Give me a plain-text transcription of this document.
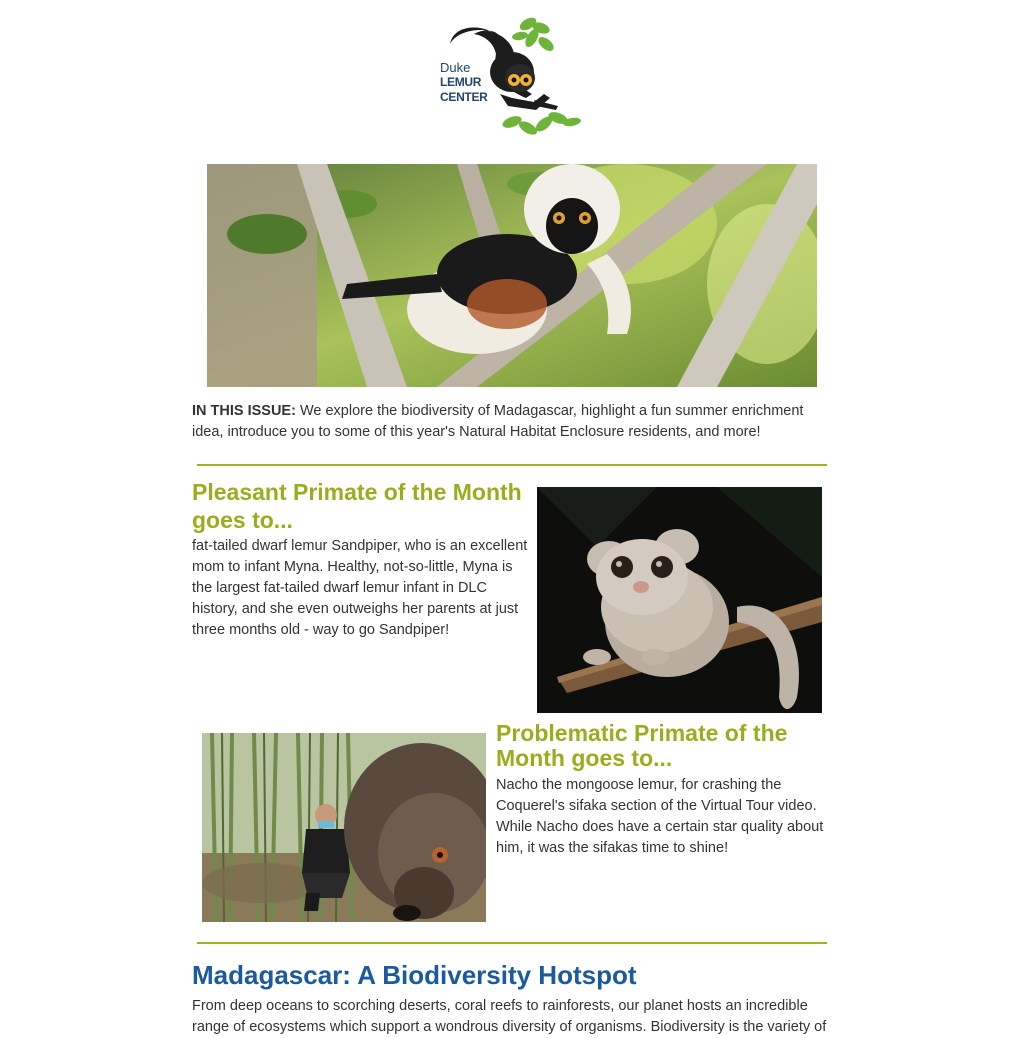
Duke
LEMUR
CENTER
IN THIS ISSUE: We explore the biodiversity of Madagascar, highlight a fun summer enrichment idea, introduce you to some of this year's Natural Habitat Enclosure residents, and more!
Pleasant Primate of the Month goes to...

fat-tailed dwarf lemur Sandpiper, who is an excellent mom to infant Myna. Healthy, not-so-little, Myna is the largest fat-tailed dwarf lemur infant in DLC history, and she even outweighs her parents at just three months old - way to go Sandpiper!

Problematic Primate of the Month goes to...

Nacho the mongoose lemur, for crashing the Coquerel's sifaka section of the Virtual Tour video. While Nacho does have a certain star quality about him, it was the sifakas time to shine!

Madagascar: A Biodiversity Hotspot

From deep oceans to scorching deserts, coral reefs to rainforests, our planet hosts an incredible range of ecosystems which support a wondrous diversity of organisms. Biodiversity is the variety of
